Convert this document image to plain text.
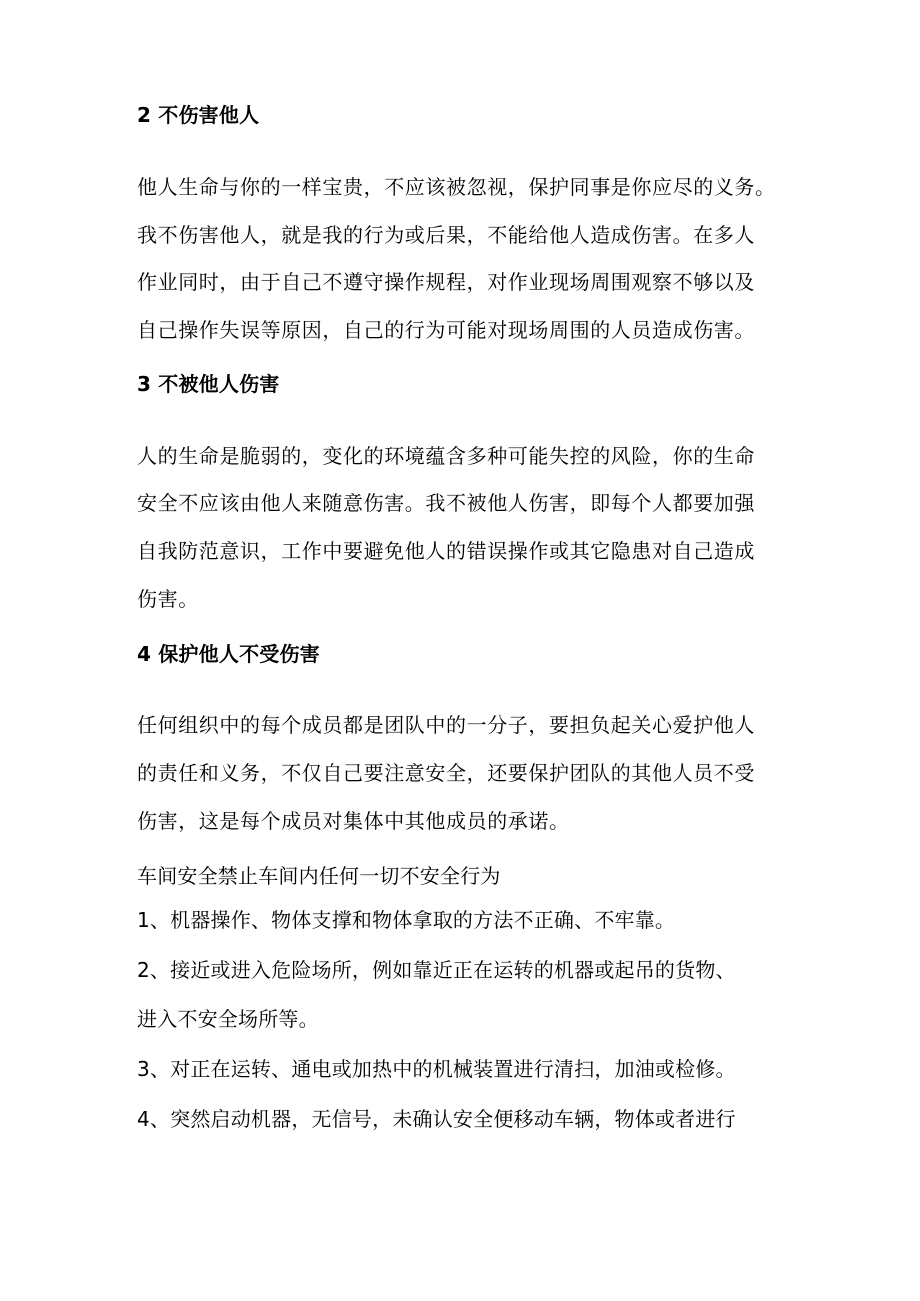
2 不伤害他人
他人生命与你的一样宝贵，不应该被忽视，保护同事是你应尽的义务。
我不伤害他人，就是我的行为或后果，不能给他人造成伤害。在多人
作业同时，由于自己不遵守操作规程，对作业现场周围观察不够以及
自己操作失误等原因，自己的行为可能对现场周围的人员造成伤害。
3 不被他人伤害
人的生命是脆弱的，变化的环境蕴含多种可能失控的风险，你的生命
安全不应该由他人来随意伤害。我不被他人伤害，即每个人都要加强
自我防范意识，工作中要避免他人的错误操作或其它隐患对自己造成
伤害。
4 保护他人不受伤害
任何组织中的每个成员都是团队中的一分子，要担负起关心爱护他人
的责任和义务，不仅自己要注意安全，还要保护团队的其他人员不受
伤害，这是每个成员对集体中其他成员的承诺。
车间安全禁止车间内任何一切不安全行为
1、机器操作、物体支撑和物体拿取的方法不正确、不牢靠。
2、接近或进入危险场所，例如靠近正在运转的机器或起吊的货物、
进入不安全场所等。
3、对正在运转、通电或加热中的机械装置进行清扫，加油或检修。
4、突然启动机器，无信号，未确认安全便移动车辆，物体或者进行
